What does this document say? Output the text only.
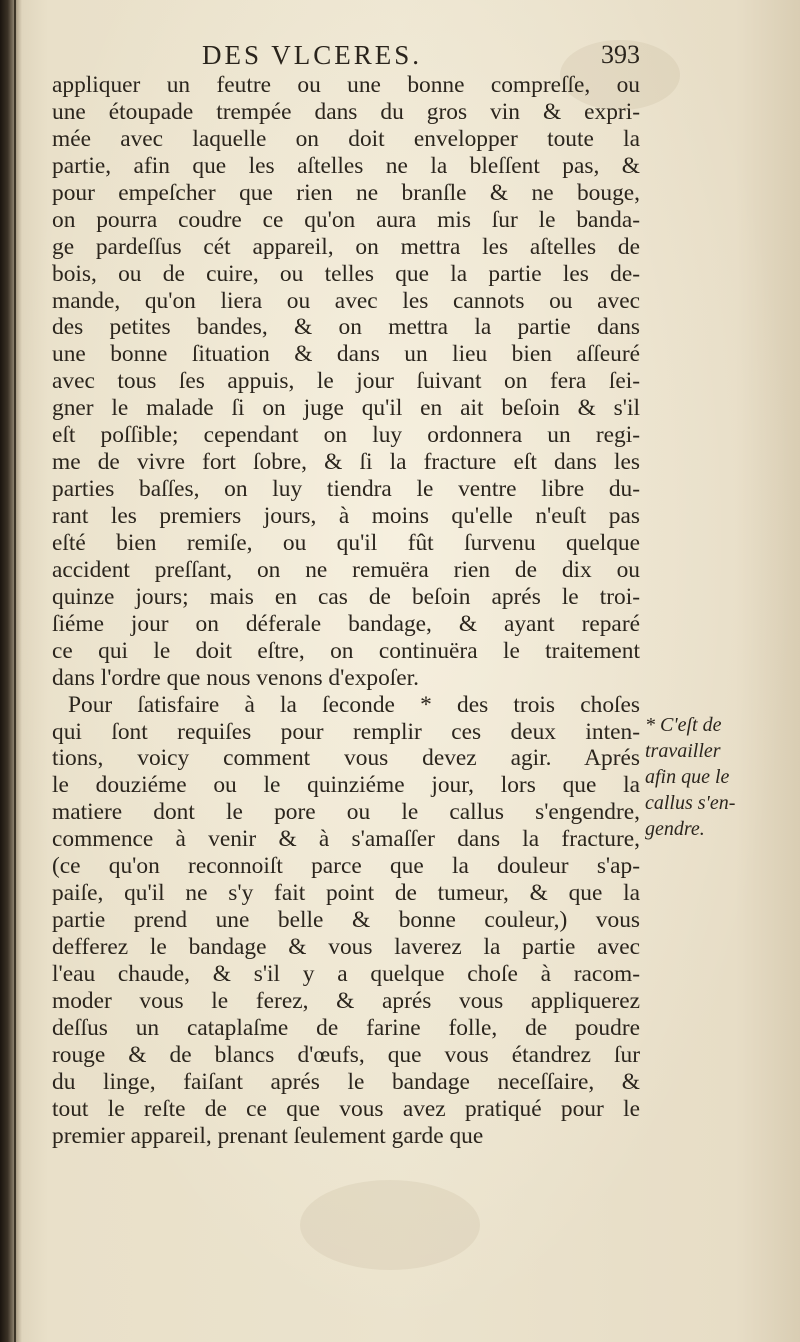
DES VLCERES.	393
appliquer un feutre ou une bonne compreſſe, ou
une étoupade trempée dans du gros vin & expri-
mée avec laquelle on doit envelopper toute la
partie, afin que les aſtelles ne la bleſſent pas, &
pour empeſcher que rien ne branſle & ne bouge,
on pourra coudre ce qu'on aura mis ſur le banda-
ge pardeſſus cét appareil, on mettra les aſtelles de
bois, ou de cuire, ou telles que la partie les de-
mande, qu'on liera ou avec les cannots ou avec
des petites bandes, & on mettra la partie dans
une bonne ſituation & dans un lieu bien aſſeuré
avec tous ſes appuis, le jour ſuivant on fera ſei-
gner le malade ſi on juge qu'il en ait beſoin & s'il
eſt poſſible; cependant on luy ordonnera un regi-
me de vivre fort ſobre, & ſi la fracture eſt dans les
parties baſſes, on luy tiendra le ventre libre du-
rant les premiers jours, à moins qu'elle n'euſt pas
eſté bien remiſe, ou qu'il fût ſurvenu quelque
accident preſſant, on ne remuëra rien de dix ou
quinze jours; mais en cas de beſoin aprés le troi-
ſiéme jour on déferale bandage, & ayant reparé
ce qui le doit eſtre, on continuëra le traitement
dans l'ordre que nous venons d'expoſer.
Pour ſatisfaire à la ſeconde * des trois choſes
qui ſont requiſes pour remplir ces deux inten-
tions, voicy comment vous devez agir. Aprés
le douziéme ou le quinziéme jour, lors que la
matiere dont le pore ou le callus s'engendre,
commence à venir & à s'amaſſer dans la fracture,
(ce qu'on reconnoiſt parce que la douleur s'ap-
paiſe, qu'il ne s'y fait point de tumeur, & que la
partie prend une belle & bonne couleur,) vous
defferez le bandage & vous laverez la partie avec
l'eau chaude, & s'il y a quelque choſe à racom-
moder vous le ferez, & aprés vous appliquerez
deſſus un cataplaſme de farine folle, de poudre
rouge & de blancs d'œufs, que vous étandrez ſur
du linge, faiſant aprés le bandage neceſſaire, &
tout le reſte de ce que vous avez pratiqué pour le
premier appareil, prenant ſeulement garde que
* C'eſt de
travailler
afin que le
callus s'en-
gendre.
